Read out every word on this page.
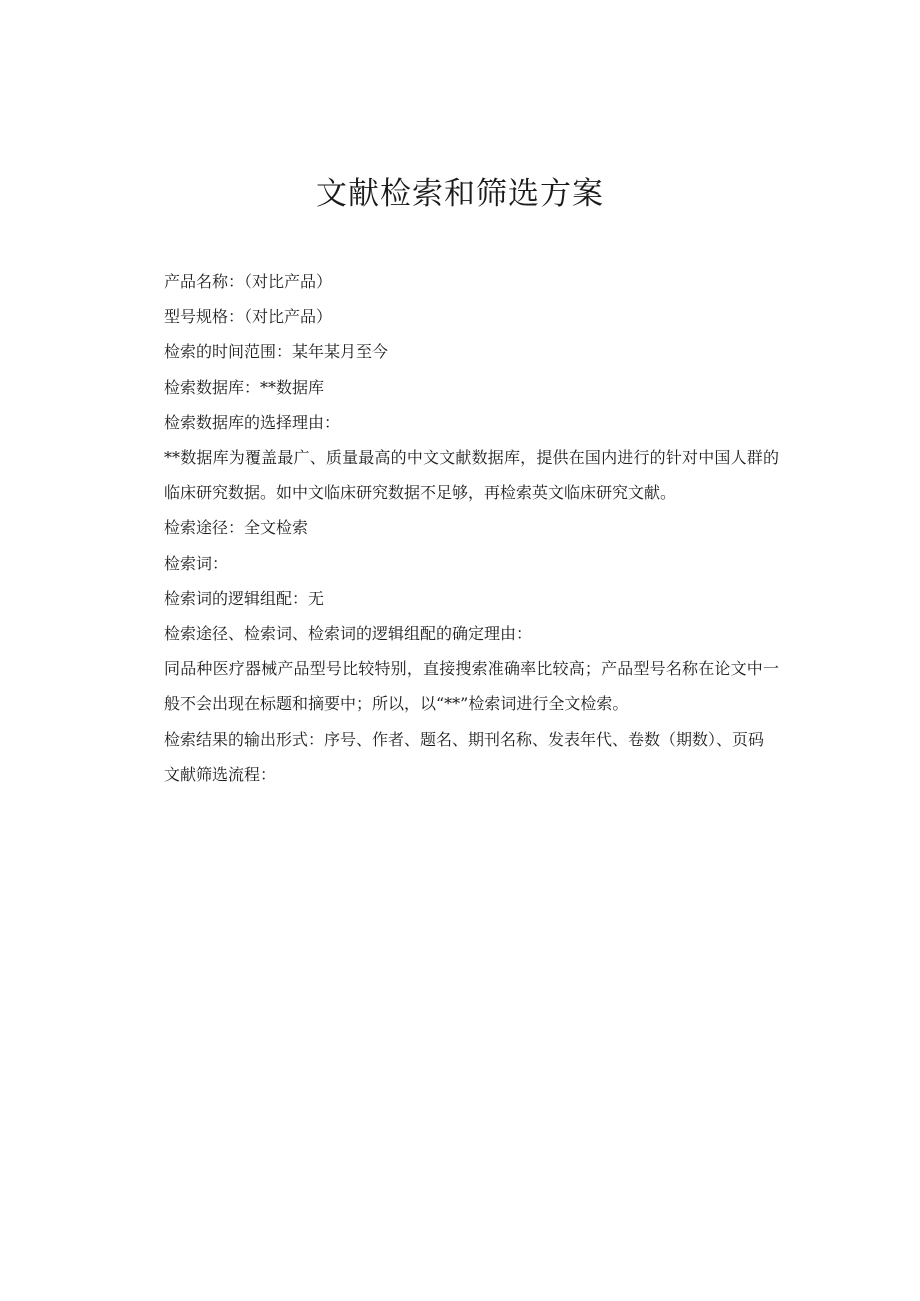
文献检索和筛选方案

产品名称：（对比产品）

型号规格：（对比产品）

检索的时间范围：某年某月至今

检索数据库：**数据库

检索数据库的选择理由：

**数据库为覆盖最广、质量最高的中文文献数据库，提供在国内进行的针对中国人群的临床研究数据。如中文临床研究数据不足够，再检索英文临床研究文献。

检索途径：全文检索

检索词：

检索词的逻辑组配：无

检索途径、检索词、检索词的逻辑组配的确定理由：

同品种医疗器械产品型号比较特别，直接搜索准确率比较高；产品型号名称在论文中一般不会出现在标题和摘要中；所以，以“**”检索词进行全文检索。

检索结果的输出形式：序号、作者、题名、期刊名称、发表年代、卷数（期数）、页码

文献筛选流程：
